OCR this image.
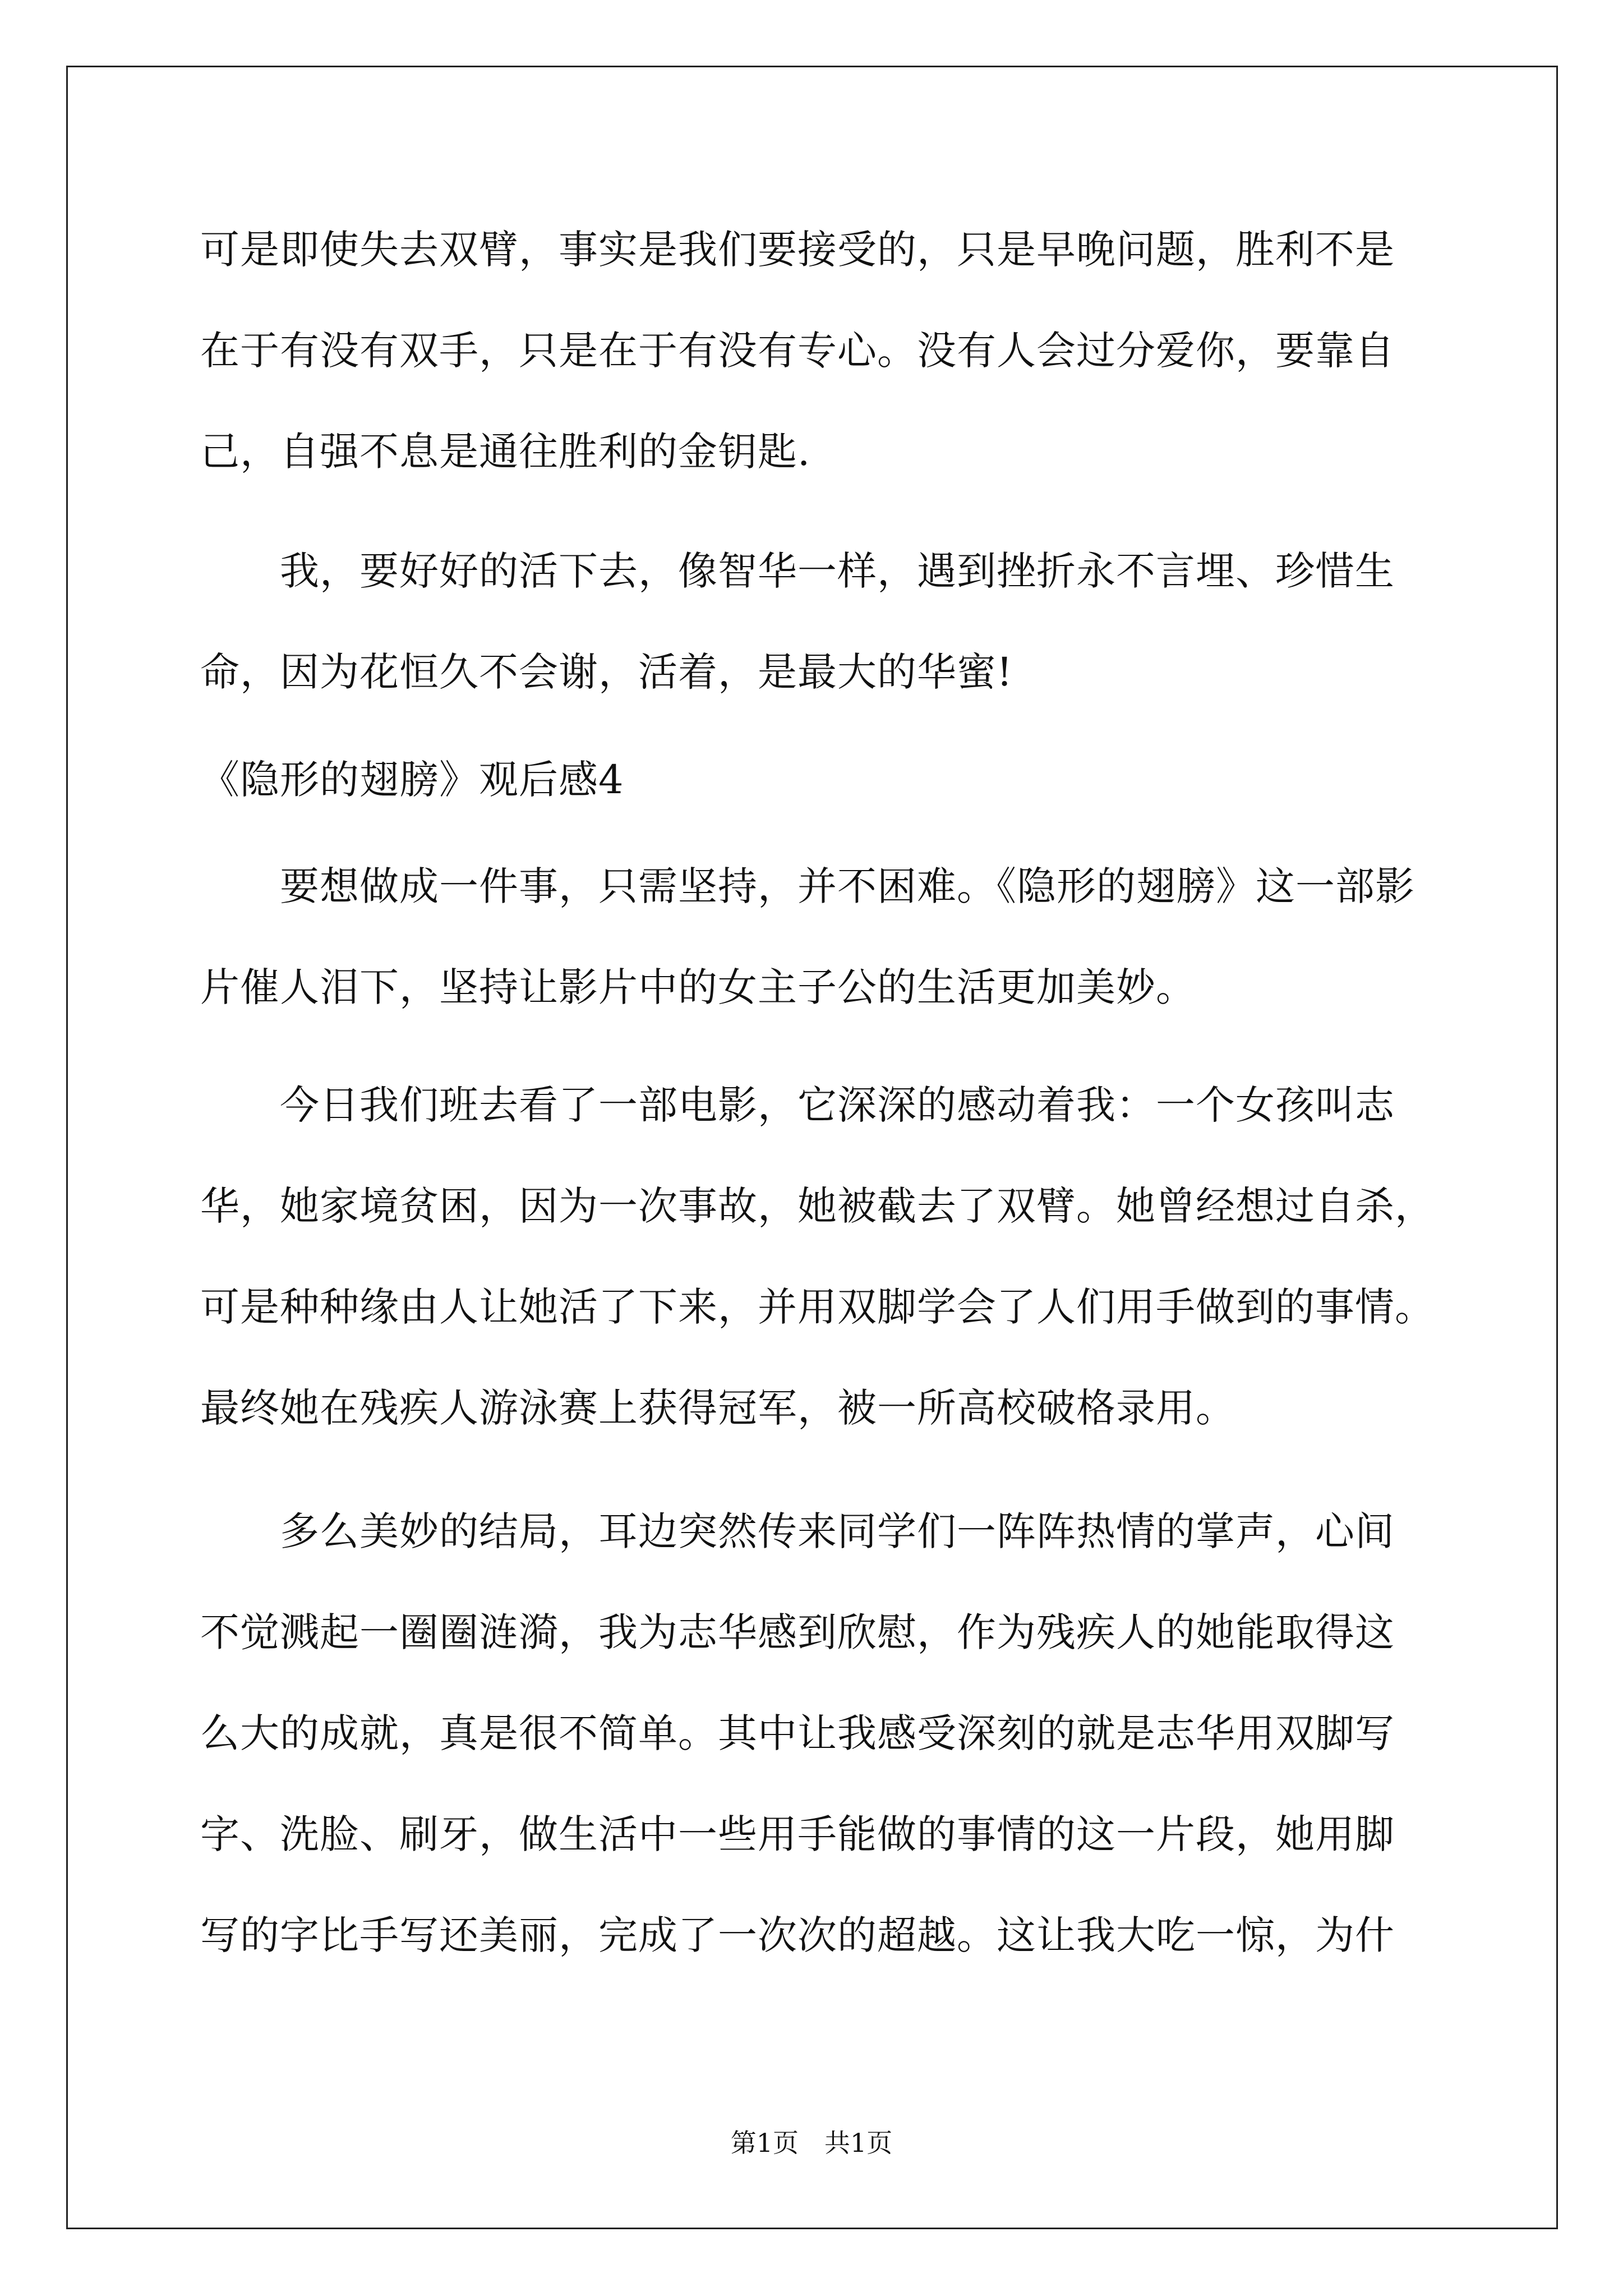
可是即使失去双臂，事实是我们要接受的，只是早晚问题，胜利不是
在于有没有双手，只是在于有没有专心。没有人会过分爱你，要靠自
己，自强不息是通往胜利的金钥匙.
　　我，要好好的活下去，像智华一样，遇到挫折永不言埋、珍惜生
命，因为花恒久不会谢，活着，是最大的华蜜!
《隐形的翅膀》观后感4
　　要想做成一件事，只需坚持，并不困难。《隐形的翅膀》这一部影
片催人泪下，坚持让影片中的女主子公的生活更加美妙。
　　今日我们班去看了一部电影，它深深的感动着我：一个女孩叫志
华，她家境贫困，因为一次事故，她被截去了双臂。她曾经想过自杀，
可是种种缘由人让她活了下来，并用双脚学会了人们用手做到的事情。
最终她在残疾人游泳赛上获得冠军，被一所高校破格录用。
　　多么美妙的结局，耳边突然传来同学们一阵阵热情的掌声，心间
不觉溅起一圈圈涟漪，我为志华感到欣慰，作为残疾人的她能取得这
么大的成就，真是很不简单。其中让我感受深刻的就是志华用双脚写
字、洗脸、刷牙，做生活中一些用手能做的事情的这一片段，她用脚
写的字比手写还美丽，完成了一次次的超越。这让我大吃一惊，为什
第1页　共1页
